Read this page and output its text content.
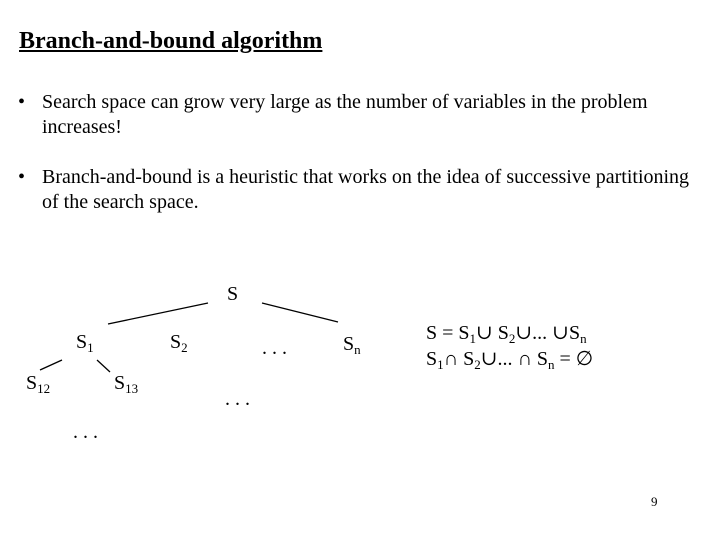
Branch-and-bound algorithm
• Search space can grow very large as the number of variables in the problem increases!
• Branch-and-bound is a heuristic that works on the idea of successive partitioning of the search space.
S
$S_1$	$S_2$	. . .	$S_n$
$S_{12}$	$S_{13}$	. . .
. . .
$S = S_1\cup$ $S_2\cup$... $\cup S_n$
$S_1\cap$ $S_2\cup$... ∩ $S_n$ = ∅
9
